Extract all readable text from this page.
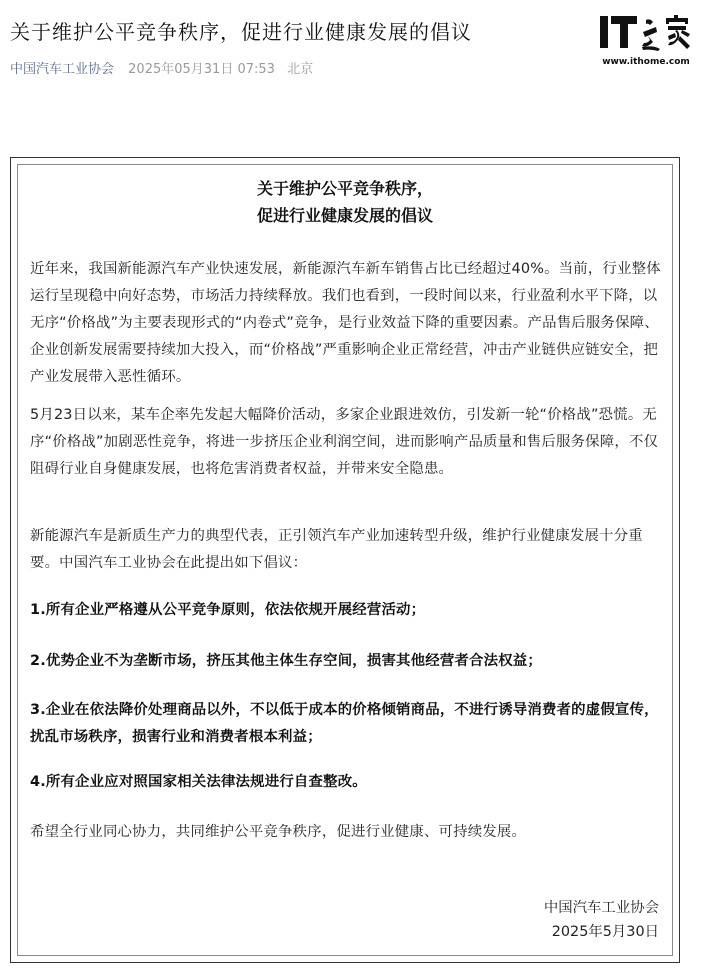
关于维护公平竞争秩序，促进行业健康发展的倡议
中国汽车工业协会 2025年05月31日 07:53 北京	www.ithome.com
关于维护公平竞争秩序，
促进行业健康发展的倡议
近年来，我国新能源汽车产业快速发展，新能源汽车新车销售占比已经超过40%。当前，行业整体运行呈现稳中向好态势，市场活力持续释放。我们也看到，一段时间以来，行业盈利水平下降，以无序“价格战”为主要表现形式的“内卷式”竞争，是行业效益下降的重要因素。产品售后服务保障、企业创新发展需要持续加大投入，而“价格战”严重影响企业正常经营，冲击产业链供应链安全，把产业发展带入恶性循环。
5月23日以来，某车企率先发起大幅降价活动，多家企业跟进效仿，引发新一轮“价格战”恐慌。无序“价格战”加剧恶性竞争，将进一步挤压企业利润空间，进而影响产品质量和售后服务保障，不仅阻碍行业自身健康发展，也将危害消费者权益，并带来安全隐患。
新能源汽车是新质生产力的典型代表，正引领汽车产业加速转型升级，维护行业健康发展十分重要。中国汽车工业协会在此提出如下倡议：
1.所有企业严格遵从公平竞争原则，依法依规开展经营活动；
2.优势企业不为垄断市场，挤压其他主体生存空间，损害其他经营者合法权益；
3.企业在依法降价处理商品以外，不以低于成本的价格倾销商品，不进行诱导消费者的虚假宣传，扰乱市场秩序，损害行业和消费者根本利益；
4.所有企业应对照国家相关法律法规进行自查整改。
希望全行业同心协力，共同维护公平竞争秩序，促进行业健康、可持续发展。
中国汽车工业协会
2025年5月30日
